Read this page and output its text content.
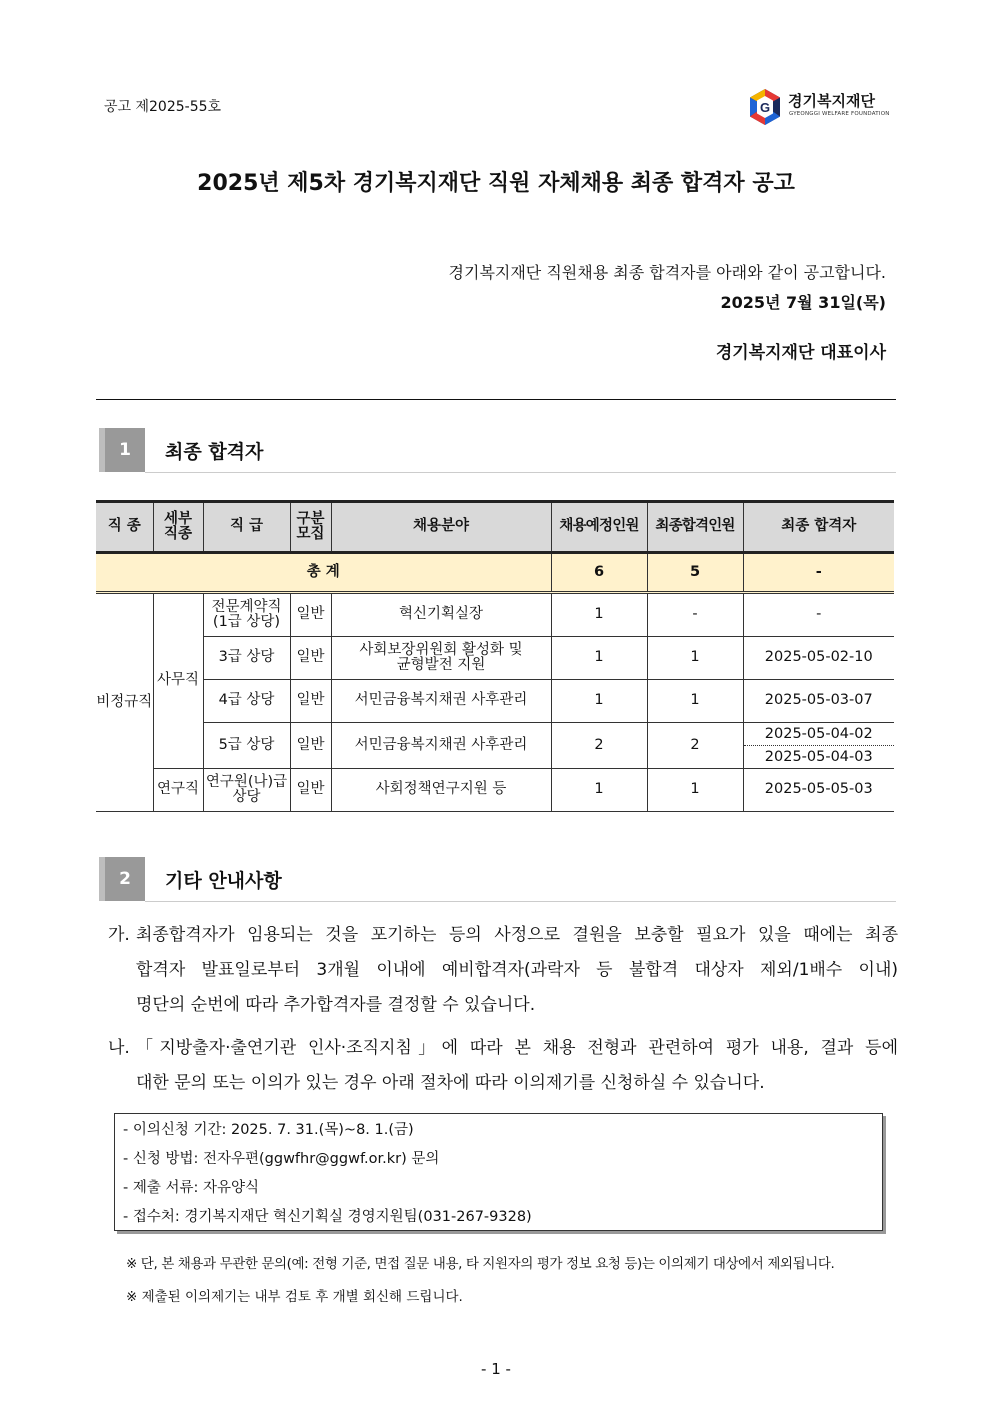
공고 제2025-55호	G 경기복지재단
GYEONGGI WELFARE FOUNDATION
2025년 제5차 경기복지재단 직원 자체채용 최종 합격자 공고
경기복지재단 직원채용 최종 합격자를 아래와 같이 공고합니다.
2025년 7월 31일(목)
경기복지재단 대표이사
1	최종 합격자
직 종	세부
직종	직 급	구분
모집	채용분야	채용예정인원	최종합격인원	최종 합격자
총 계					6	5	-
비정규직	사무직	전문계약직
(1급 상당)	일반	혁신기획실장	1	-	-
		3급 상당	일반	사회보장위원회 활성화 및
균형발전 지원	1	1	2025-05-02-10
		4급 상당	일반	서민금융복지채권 사후관리	1	1	2025-05-03-07
		5급 상당	일반	서민금융복지채권 사후관리	2	2	2025-05-04-02
2025-05-04-03

	연구직	연구원(나)급
상당	일반	사회정책연구지원 등	1	1	2025-05-05-03
2	기타 안내사항
가. 최종합격자가 임용되는 것을 포기하는 등의 사정으로 결원을 보충할 필요가 있을 때에는 최종
합격자 발표일로부터 3개월 이내에 예비합격자(과락자 등 불합격 대상자 제외/1배수 이내)
명단의 순번에 따라 추가합격자를 결정할 수 있습니다.
나. 「지방출자·출연기관 인사·조직지침」에 따라 본 채용 전형과 관련하여 평가 내용, 결과 등에
대한 문의 또는 이의가 있는 경우 아래 절차에 따라 이의제기를 신청하실 수 있습니다.
- 이의신청 기간: 2025. 7. 31.(목)~8. 1.(금)
- 신청 방법: 전자우편(ggwfhr@ggwf.or.kr) 문의
- 제출 서류: 자유양식
- 접수처: 경기복지재단 혁신기획실 경영지원팀(031-267-9328)
※ 단, 본 채용과 무관한 문의(예: 전형 기준, 면접 질문 내용, 타 지원자의 평가 정보 요청 등)는 이의제기 대상에서 제외됩니다.
※ 제출된 이의제기는 내부 검토 후 개별 회신해 드립니다.
- 1 -
